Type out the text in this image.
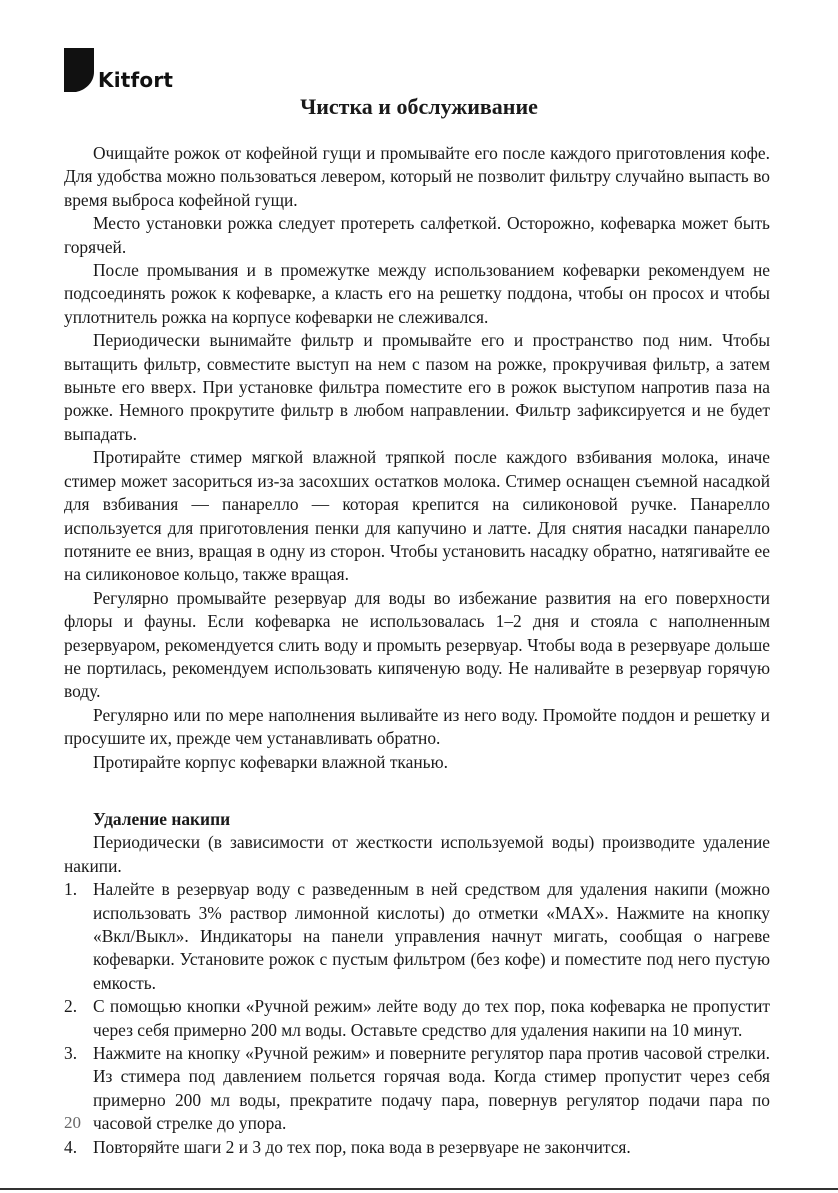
Kitfort
Чистка и обслуживание

Очищайте рожок от кофейной гущи и промывайте его после каждого приготовления кофе. Для удобства можно пользоваться левером, который не позволит фильтру случайно выпасть во время выброса кофейной гущи.

Место установки рожка следует протереть салфеткой. Осторожно, кофеварка может быть горячей.

После промывания и в промежутке между использованием кофеварки рекомендуем не подсоединять рожок к кофеварке, а класть его на решетку поддона, чтобы он просох и чтобы уплотнитель рожка на корпусе кофеварки не слеживался.

Периодически вынимайте фильтр и промывайте его и пространство под ним. Чтобы вытащить фильтр, совместите выступ на нем с пазом на рожке, прокручивая фильтр, а затем выньте его вверх. При установке фильтра поместите его в рожок выступом напротив паза на рожке. Немного прокрутите фильтр в любом направлении. Фильтр зафиксируется и не будет выпадать.

Протирайте стимер мягкой влажной тряпкой после каждого взбивания молока, иначе стимер может засориться из-за засохших остатков молока. Стимер оснащен съемной насадкой для взбивания — панарелло — которая крепится на силиконовой ручке. Панарелло используется для приготовления пенки для капучино и латте. Для снятия насадки панарелло потяните ее вниз, вращая в одну из сторон. Чтобы установить насадку обратно, натягивайте ее на силиконовое кольцо, также вращая.

Регулярно промывайте резервуар для воды во избежание развития на его поверхности флоры и фауны. Если кофеварка не использовалась 1–2 дня и стояла с наполненным резервуаром, рекомендуется слить воду и промыть резервуар. Чтобы вода в резервуаре дольше не портилась, рекомендуем использовать кипяченую воду. Не наливайте в резервуар горячую воду.

Регулярно или по мере наполнения выливайте из него воду. Промойте поддон и решетку и просушите их, прежде чем устанавливать обратно.

Протирайте корпус кофеварки влажной тканью.

Удаление накипи

Периодически (в зависимости от жесткости используемой воды) производите удаление накипи.

1. Налейте в резервуар воду с разведенным в ней средством для удаления накипи (можно использовать 3% раствор лимонной кислоты) до отметки «MAX». Нажмите на кнопку «Вкл/Выкл». Индикаторы на панели управления начнут мигать, сообщая о нагреве кофеварки. Установите рожок с пустым фильтром (без кофе) и поместите под него пустую емкость.
2. С помощью кнопки «Ручной режим» лейте воду до тех пор, пока кофеварка не пропустит через себя примерно 200 мл воды. Оставьте средство для удаления накипи на 10 минут.
3. Нажмите на кнопку «Ручной режим» и поверните регулятор пара против часовой стрелки. Из стимера под давлением польется горячая вода. Когда стимер пропустит через себя примерно 200 мл воды, прекратите подачу пара, повернув регулятор подачи пара по часовой стрелке до упора.
4. Повторяйте шаги 2 и 3 до тех пор, пока вода в резервуаре не закончится.
20
